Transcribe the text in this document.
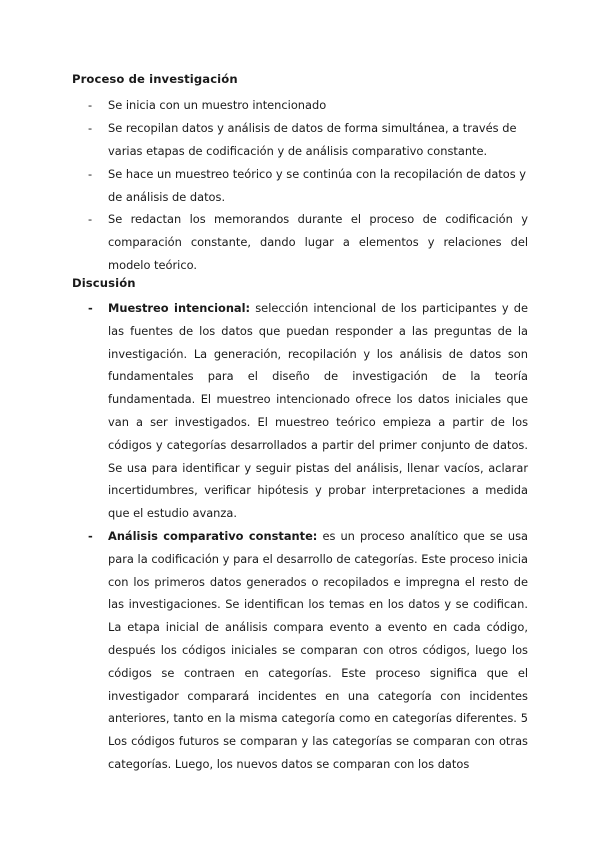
Proceso de investigación
- Se inicia con un muestro intencionado
- Se recopilan datos y análisis de datos de forma simultánea, a través de varias etapas de codificación y de análisis comparativo constante.
- Se hace un muestreo teórico y se continúa con la recopilación de datos y de análisis de datos.
- Se redactan los memorandos durante el proceso de codificación y comparación constante, dando lugar a elementos y relaciones del modelo teórico.
Discusión
- Muestreo intencional: selección intencional de los participantes y de las fuentes de los datos que puedan responder a las preguntas de la investigación. La generación, recopilación y los análisis de datos son fundamentales para el diseño de investigación de la teoría fundamentada. El muestreo intencionado ofrece los datos iniciales que van a ser investigados. El muestreo teórico empieza a partir de los códigos y categorías desarrollados a partir del primer conjunto de datos. Se usa para identificar y seguir pistas del análisis, llenar vacíos, aclarar incertidumbres, verificar hipótesis y probar interpretaciones a medida que el estudio avanza.
- Análisis comparativo constante: es un proceso analítico que se usa para la codificación y para el desarrollo de categorías. Este proceso inicia con los primeros datos generados o recopilados e impregna el resto de las investigaciones. Se identifican los temas en los datos y se codifican. La etapa inicial de análisis compara evento a evento en cada código, después los códigos iniciales se comparan con otros códigos, luego los códigos se contraen en categorías. Este proceso significa que el investigador comparará incidentes en una categoría con incidentes anteriores, tanto en la misma categoría como en categorías diferentes. 5 Los códigos futuros se comparan y las categorías se comparan con otras categorías. Luego, los nuevos datos se comparan con los datos
